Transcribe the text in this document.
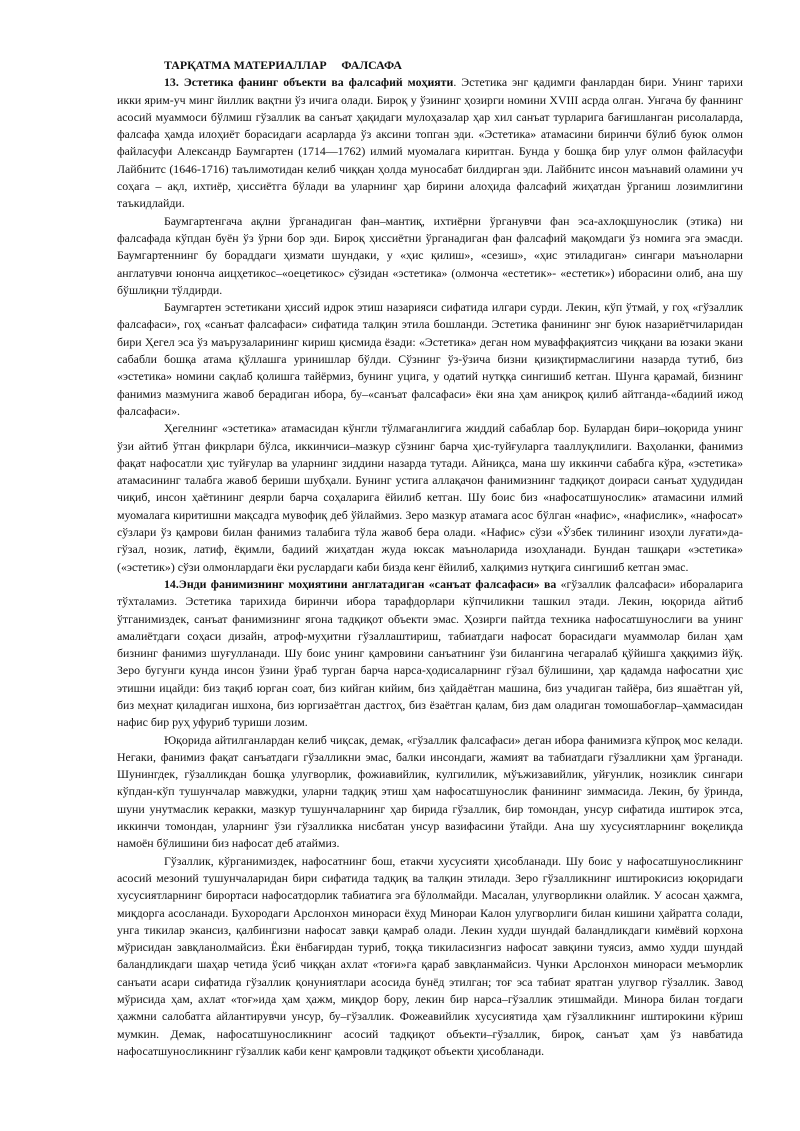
ТАРҚАТМА МАТЕРИАЛЛАР     ФАЛСАФА

13. Эстетика фанинг объекти ва фалсафий моҳияти. Эстетика энг қадимги фанлардан бири. Унинг тарихи икки ярим-уч минг йиллик вақтни ўз ичига олади. Бироқ у ўзининг ҳозирги номини XVIII асрда олган. Унгача бу фаннинг асосий муаммоси бўлмиш гўзаллик ва санъат ҳақидаги мулоҳазалар ҳар хил санъат турларига бағишланган рисолаларда, фалсафа ҳамда илоҳиёт борасидаги асарларда ўз аксини топган эди. «Эстетика» атамасини биринчи бўлиб буюк олмон файласуфи Александр Баумгартен (1714—1762) илмий муомалага киритган. Бунда у бошқа бир улуғ олмон файласуфи Лайбнитс (1646-1716) таълимотидан келиб чиққан ҳолда муносабат билдирган эди. Лайбнитс инсон маънавий оламини уч соҳага – ақл, ихтиёр, ҳиссиётга бўлади ва уларнинг ҳар бирини алоҳида фалсафий жиҳатдан ўрганиш лозимлигини таъкидлайди.

Баумгартенгача ақлни ўрганадиган фан–мантиқ, ихтиёрни ўрганувчи фан эса-ахлоқшунослик (этика) ни фалсафада кўпдан буён ўз ўрни бор эди. Бироқ ҳиссиётни ўрганадиган фан фалсафий мақомдаги ўз номига эга эмасди. Баумгартеннинг бу бораддаги ҳизмати шундаки, у «ҳис қилиш», «сезиш», «ҳис этиладиган» сингари маъноларни англатувчи юнонча аицҳетикос–«оецетикос» сўзидан «эстетика» (олмонча «естетик»- «естетик») иборасини олиб, ана шу бўшлиқни тўлдирди.

Баумгартен эстетикани ҳиссий идрок этиш назарияси сифатида илгари сурди. Лекин, кўп ўтмай, у гоҳ «гўзаллик фалсафаси», гоҳ «санъат фалсафаси» сифатида талқин этила бошланди. Эстетика фанининг энг буюк назариётчиларидан бири Ҳегел эса ўз маърузаларининг кириш қисмида ёзади: «Эстетика» деган ном муваффақиятсиз чиққани ва юзаки экани сабабли бошқа атама қўллашга уринишлар бўлди. Сўзнинг ўз-ўзича бизни қизиқтирмаслигини назарда тутиб, биз «эстетика» номини сақлаб қолишга тайёрмиз, бунинг уцига, у одатий нутққа сингишиб кетган. Шунга қарамай, бизнинг фанимиз мазмунига жавоб берадиган ибора, бу–«санъат фалсафаси» ёки яна ҳам аниқроқ қилиб айтганда-«бадиий ижод фалсафаси».

Ҳегелнинг «эстетика» атамасидан кўнгли тўлмаганлигига жиддий сабаблар бор. Булардан бири–юқорида унинг ўзи айтиб ўтган фикрлари бўлса, иккинчиси–мазкур сўзнинг барча ҳис-туйғуларга тааллуқлилиги. Ваҳоланки, фанимиз фақат нафосатли ҳис туйғулар ва уларнинг зиддини назарда тутади. Айниқса, мана шу иккинчи сабабга кўра, «эстетика» атамасининг талабга жавоб бериши шубҳали. Бунинг устига аллақачон фанимизнинг тадқиқот доираси санъат ҳудудидан чиқиб, инсон ҳаётининг деярли барча соҳаларига ёйилиб кетган. Шу боис биз «нафосатшунослик» атамасини илмий муомалага киритишни мақсадга мувофиқ деб ўйлаймиз. Зеро мазкур атамага асос бўлган «нафис», «нафислик», «нафосат» сўзлари ўз қамрови билан фанимиз талабига тўла жавоб бера олади. «Нафис» сўзи «Ўзбек тилининг изоҳли луғати»да-гўзал, нозик, латиф, ёқимли, бадиий жиҳатдан жуда юксак маъноларида изоҳланади. Бундан ташқари «эстетика» («эстетик») сўзи олмонлардаги ёки руслардаги каби бизда кенг ёйилиб, халқимиз нутқига сингишиб кетган эмас.

14.Энди фанимизнинг моҳиятини англатадиган «санъат фалсафаси» ва «гўзаллик фалсафаси» ибораларига тўхталамиз. Эстетика тарихида биринчи ибора тарафдорлари кўпчиликни ташкил этади. Лекин, юқорида айтиб ўтганимиздек, санъат фанимизнинг ягона тадқиқот объекти эмас. Ҳозирги пайтда техника нафосатшунослиги ва унинг амалиётдаги соҳаси дизайн, атроф-муҳитни гўзаллаштириш, табиатдаги нафосат борасидаги муаммолар билан ҳам бизнинг фанимиз шуғулланади. Шу боис унинг қамровини санъатнинг ўзи билангина чегаралаб қўйишга ҳаққимиз йўқ. Зеро бугунги кунда инсон ўзини ўраб турган барча нарса-ҳодисаларнинг гўзал бўлишини, ҳар қадамда нафосатни ҳис этишни ицайди: биз тақиб юрган соат, биз кийган кийим, биз ҳайдаётган машина, биз учадиган тайёра, биз яшаётган уй, биз меҳнат қиладиган ишхона, биз юргизаётган дастгоҳ, биз ёзаётган қалам, биз дам оладиган томошабоғлар–ҳаммасидан нафис бир руҳ уфуриб туриши лозим.

Юқорида айтилганлардан келиб чиқсак, демак, «гўзаллик фалсафаси» деган ибора фанимизга кўпроқ мос келади. Негаки, фанимиз фақат санъатдаги гўзалликни эмас, балки инсондаги, жамият ва табиатдаги гўзалликни ҳам ўрганади. Шунингдек, гўзалликдан бошқа улугворлик, фожиавийлик, кулгилилик, мўъжизавийлик, уйғунлик, нозиклик сингари кўпдан-кўп тушунчалар мавжудки, уларни тадқиқ этиш ҳам нафосатшунослик фанининг зиммасида. Лекин, бу ўринда, шуни унутмаслик керакки, мазкур тушунчаларнинг ҳар бирида гўзаллик, бир томондан, унсур сифатида иштирок этса, иккинчи томондан, уларнинг ўзи гўзалликка нисбатан унсур вазифасини ўтайди. Ана шу хусусиятларнинг воқелиқда намоён бўлишини биз нафосат деб атаймиз.

Гўзаллик, кўрганимиздек, нафосатнинг бош, етакчи хусусияти ҳисобланади. Шу боис у нафосатшуносликнинг асосий мезоний тушунчаларидан бири сифатида тадқиқ ва талқин этилади. Зеро гўзалликнинг иштирокисиз юқоридаги хусусиятларнинг бирортаси нафосатдорлик табиатига эга бўлолмайди. Масалан, улугворликни олайлик. У асосан ҳажмга, миқдорга асосланади. Бухородаги Арслонхон минораси ёхуд Минораи Калон улугворлиги билан кишини ҳайратга солади, унга тикилар экансиз, қалбингизни нафосат завқи қамраб олади. Лекин худди шундай баландликдаги кимёвий корхона мўрисидан завқланолмайсиз. Ёки ёнбағирдан туриб, тоққа тикиласизнгиз нафосат завқини туясиз, аммо худди шундай баландликдаги шаҳар четида ўсиб чиққан ахлат «тоғи»га қараб завқланмайсиз. Чунки Арслонхон минораси меъморлик санъати асари сифатида гўзаллик қонуниятлари асосида бунёд этилган; тоғ эса табиат яратган улугвор гўзаллик. Завод мўрисида ҳам, ахлат «тоғ»ида ҳам ҳажм, миқдор бору, лекин бир нарса–гўзаллик этишмайди. Минора билан тоғдаги ҳажмни салобатга айлантирувчи унсур, бу–гўзаллик. Фожеавийлик хусусиятида ҳам гўзалликнинг иштирокини кўриш мумкин. Демак, нафосатшуносликнинг асосий тадқиқот объекти–гўзаллик, бироқ, санъат ҳам ўз навбатида нафосатшуносликнинг гўзаллик каби кенг қамровли тадқиқот объекти ҳисобланади.
